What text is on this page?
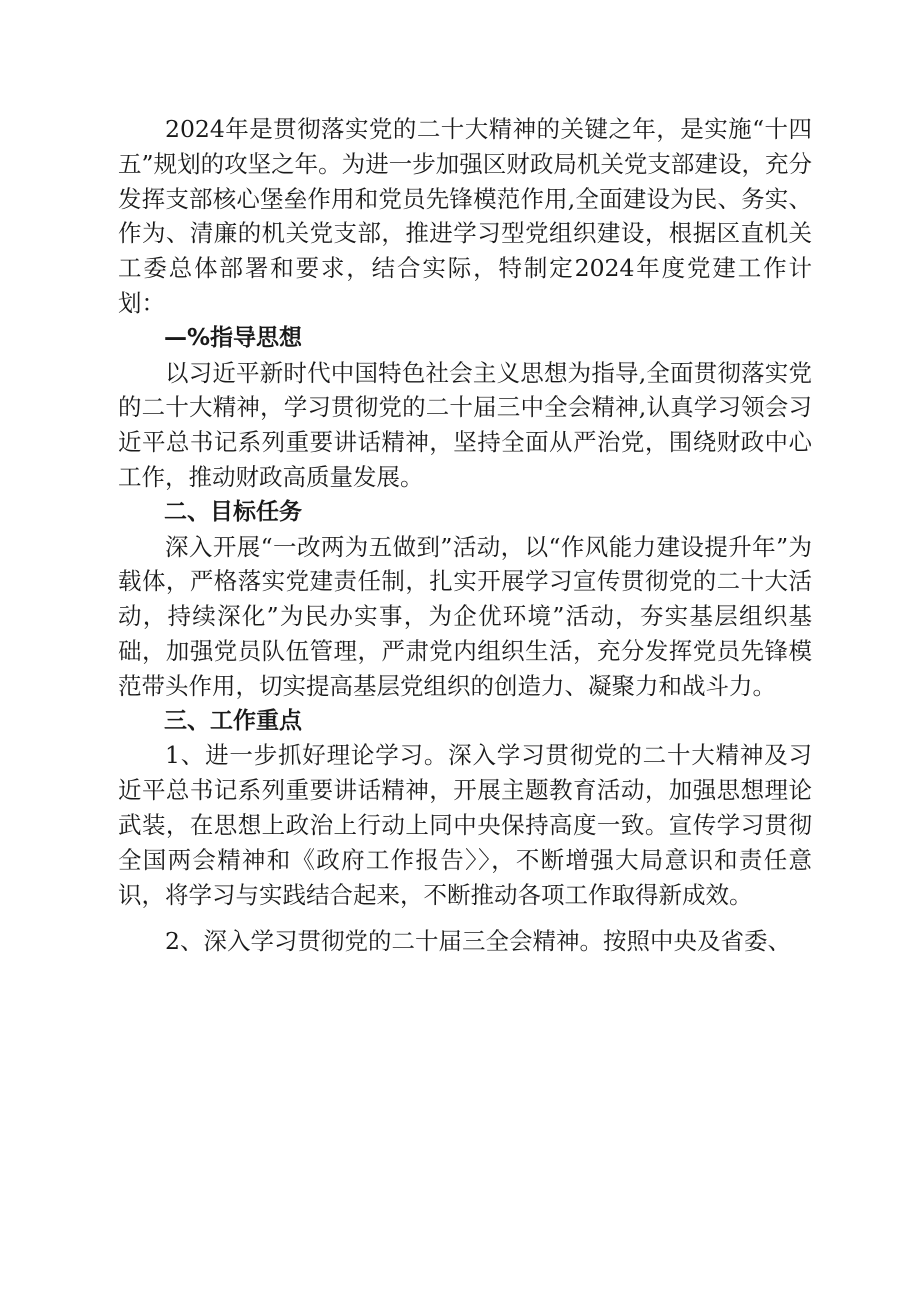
2024年是贯彻落实党的二十大精神的关键之年，是实施“十四五”规划的攻坚之年。为进一步加强区财政局机关党支部建设，充分发挥支部核心堡垒作用和党员先锋模范作用,全面建设为民、务实、作为、清廉的机关党支部，推进学习型党组织建设，根据区直机关工委总体部署和要求，结合实际，特制定2024年度党建工作计划：

—%指导思想

以习近平新时代中国特色社会主义思想为指导,全面贯彻落实党的二十大精神，学习贯彻党的二十届三中全会精神,认真学习领会习近平总书记系列重要讲话精神，坚持全面从严治党，围绕财政中心工作，推动财政高质量发展。

二、目标任务

深入开展“一改两为五做到”活动，以“作风能力建设提升年”为载体，严格落实党建责任制，扎实开展学习宣传贯彻党的二十大活动，持续深化”为民办实事，为企优环境”活动，夯实基层组织基础，加强党员队伍管理，严肃党内组织生活，充分发挥党员先锋模范带头作用，切实提高基层党组织的创造力、凝聚力和战斗力。

三、工作重点

1、进一步抓好理论学习。深入学习贯彻党的二十大精神及习近平总书记系列重要讲话精神，开展主题教育活动，加强思想理论武装，在思想上政治上行动上同中央保持高度一致。宣传学习贯彻全国两会精神和《政府工作报告〉〉，不断增强大局意识和责任意识，将学习与实践结合起来，不断推动各项工作取得新成效。

2、深入学习贯彻党的二十届三全会精神。按照中央及省委、
